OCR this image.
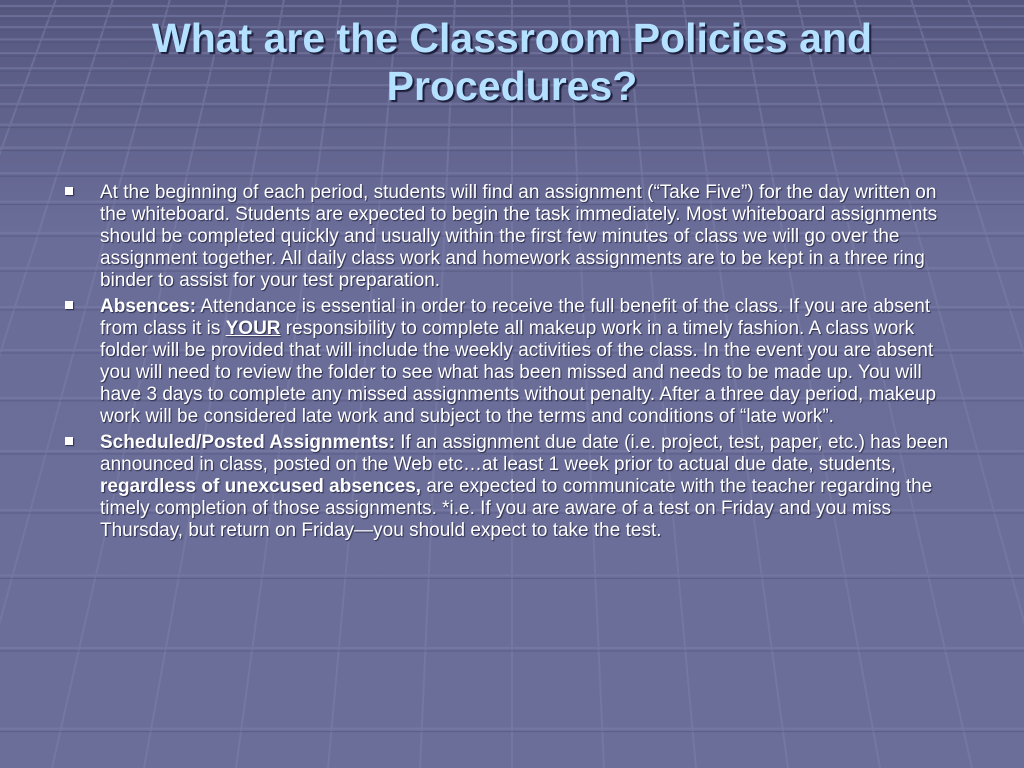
What are the Classroom Policies and Procedures?
At the beginning of each period, students will find an assignment (“Take Five”) for the day written on the whiteboard. Students are expected to begin the task immediately. Most whiteboard assignments should be completed quickly and usually within the first few minutes of class we will go over the assignment together. All daily class work and homework assignments are to be kept in a three ring binder to assist for your test preparation.
Absences: Attendance is essential in order to receive the full benefit of the class. If you are absent from class it is YOUR responsibility to complete all makeup work in a timely fashion. A class work folder will be provided that will include the weekly activities of the class. In the event you are absent you will need to review the folder to see what has been missed and needs to be made up. You will have 3 days to complete any missed assignments without penalty. After a three day period, makeup work will be considered late work and subject to the terms and conditions of “late work”.
Scheduled/Posted Assignments: If an assignment due date (i.e. project, test, paper, etc.) has been announced in class, posted on the Web etc…at least 1 week prior to actual due date, students, regardless of unexcused absences, are expected to communicate with the teacher regarding the timely completion of those assignments. *i.e. If you are aware of a test on Friday and you miss Thursday, but return on Friday—you should expect to take the test.
